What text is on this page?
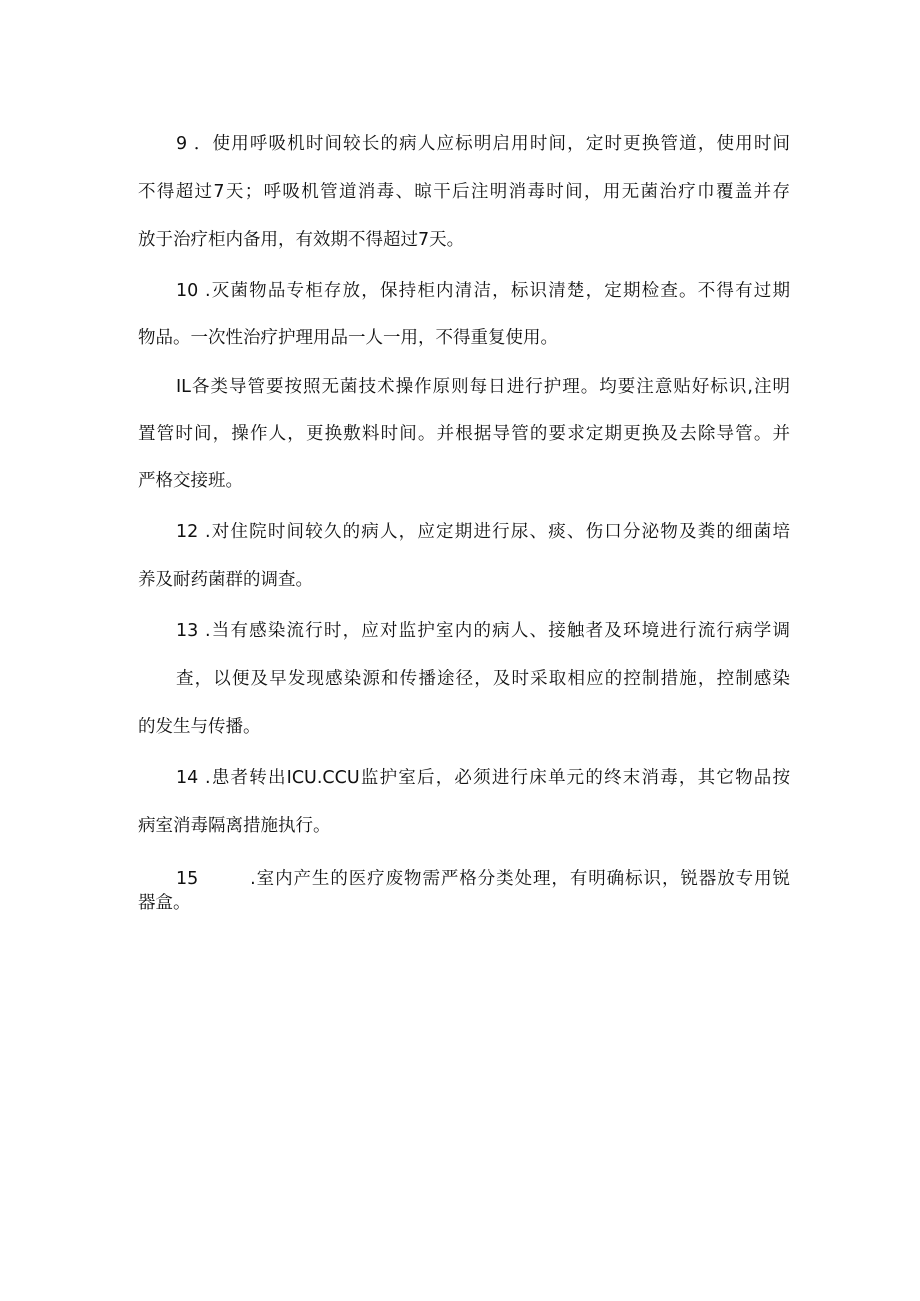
9 ．使用呼吸机时间较长的病人应标明启用时间，定时更换管道，使用时间
不得超过7天；呼吸机管道消毒、晾干后注明消毒时间，用无菌治疗巾覆盖并存
放于治疗柜内备用，有效期不得超过7天。
10 .灭菌物品专柜存放，保持柜内清洁，标识清楚，定期检查。不得有过期
物品。一次性治疗护理用品一人一用，不得重复使用。
IL各类导管要按照无菌技术操作原则每日进行护理。均要注意贴好标识,注明
置管时间，操作人，更换敷料时间。并根据导管的要求定期更换及去除导管。并
严格交接班。
12 .对住院时间较久的病人，应定期进行尿、痰、伤口分泌物及粪的细菌培
养及耐药菌群的调查。
13 .当有感染流行时，应对监护室内的病人、接触者及环境进行流行病学调
查，以便及早发现感染源和传播途径，及时采取相应的控制措施，控制感染
的发生与传播。
14 .患者转出ICU.CCU监护室后，必须进行床单元的终末消毒，其它物品按
病室消毒隔离措施执行。
15        .室内产生的医疗废物需严格分类处理，有明确标识，锐器放专用锐
器盒。
